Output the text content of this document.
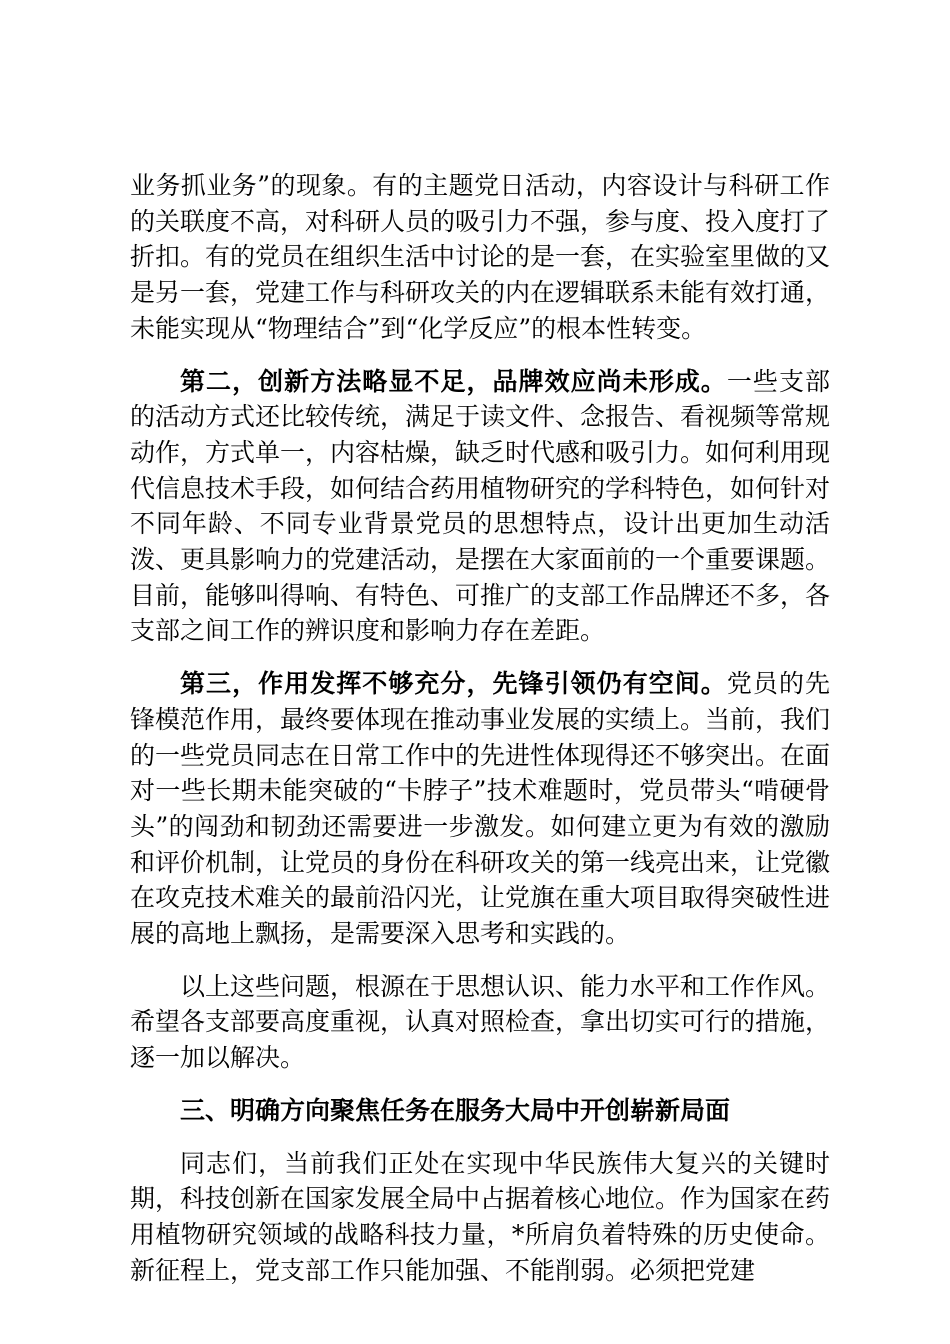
业务抓业务”的现象。有的主题党日活动，内容设计与科研工作的关联度不高，对科研人员的吸引力不强，参与度、投入度打了折扣。有的党员在组织生活中讨论的是一套，在实验室里做的又是另一套，党建工作与科研攻关的内在逻辑联系未能有效打通，未能实现从“物理结合”到“化学反应”的根本性转变。

第二，创新方法略显不足，品牌效应尚未形成。一些支部的活动方式还比较传统，满足于读文件、念报告、看视频等常规动作，方式单一，内容枯燥，缺乏时代感和吸引力。如何利用现代信息技术手段，如何结合药用植物研究的学科特色，如何针对不同年龄、不同专业背景党员的思想特点，设计出更加生动活泼、更具影响力的党建活动，是摆在大家面前的一个重要课题。目前，能够叫得响、有特色、可推广的支部工作品牌还不多，各支部之间工作的辨识度和影响力存在差距。

第三，作用发挥不够充分，先锋引领仍有空间。党员的先锋模范作用，最终要体现在推动事业发展的实绩上。当前，我们的一些党员同志在日常工作中的先进性体现得还不够突出。在面对一些长期未能突破的“卡脖子”技术难题时，党员带头“啃硬骨头”的闯劲和韧劲还需要进一步激发。如何建立更为有效的激励和评价机制，让党员的身份在科研攻关的第一线亮出来，让党徽在攻克技术难关的最前沿闪光，让党旗在重大项目取得突破性进展的高地上飘扬，是需要深入思考和实践的。

以上这些问题，根源在于思想认识、能力水平和工作作风。希望各支部要高度重视，认真对照检查，拿出切实可行的措施，逐一加以解决。

三、明确方向聚焦任务在服务大局中开创崭新局面

同志们，当前我们正处在实现中华民族伟大复兴的关键时期，科技创新在国家发展全局中占据着核心地位。作为国家在药用植物研究领域的战略科技力量，*所肩负着特殊的历史使命。新征程上，党支部工作只能加强、不能削弱。必须把党建
